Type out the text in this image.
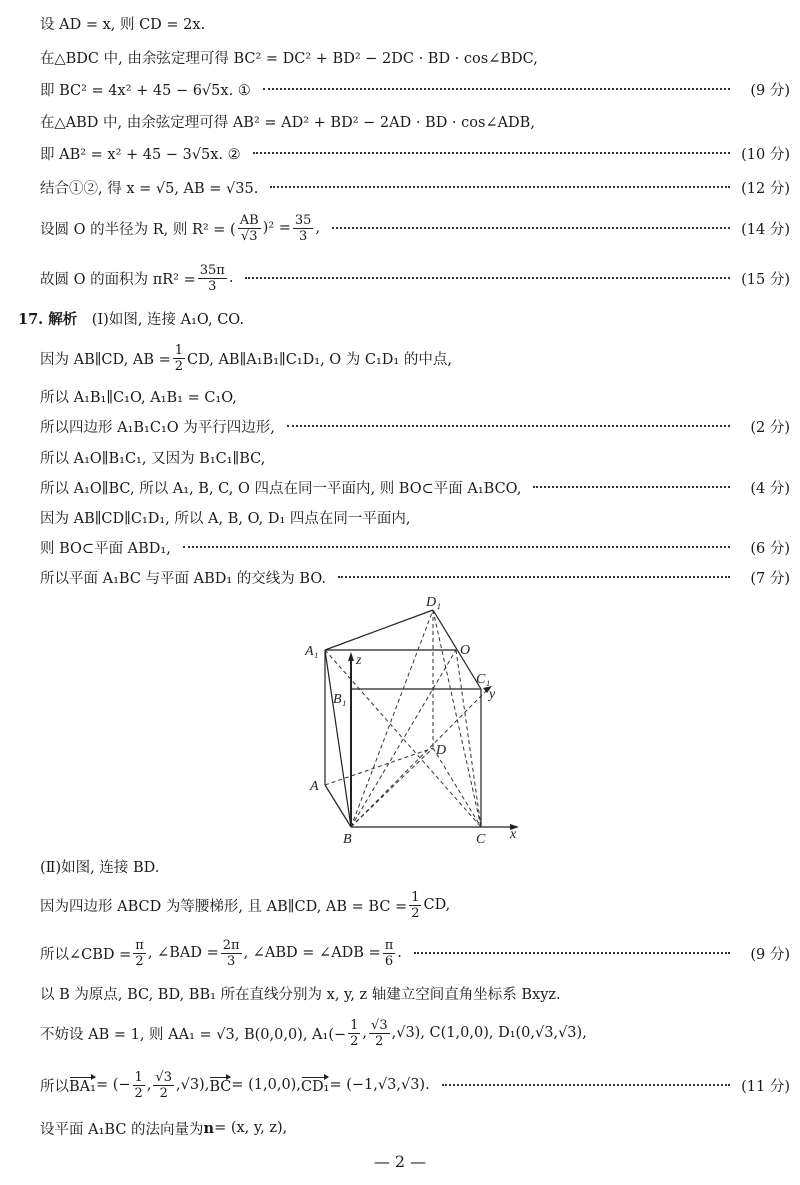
设 AD = x, 则 CD = 2x.
在△BDC 中, 由余弦定理可得 BC² = DC² + BD² − 2DC · BD · cos∠BDC,
即 BC² = 4x² + 45 − 6√5x. ①	(9 分)
在△ABD 中, 由余弦定理可得 AB² = AD² + BD² − 2AD · BD · cos∠ADB,
即 AB² = x² + 45 − 3√5x. ②	(10 分)
结合①②, 得 x = √5, AB = √35.	(12 分)
设圆 O 的半径为 R, 则 R² = ( $\frac{AB}{√3} )^2 = \frac{35}{3}$ ,	(14 分)
故圆 O 的面积为 $\pi R^2 = \frac{35\pi}{3}$ .	(15 分)
17. 解析 　(Ⅰ)如图, 连接 A₁O, CO.
因为 AB∥CD, AB = $\frac{1}{2}$ CD, AB∥A₁B₁∥C₁D₁, O 为 C₁D₁ 的中点,
所以 A₁B₁∥C₁O, A₁B₁ = C₁O,
所以四边形 A₁B₁C₁O 为平行四边形,	(2 分)
所以 A₁O∥B₁C₁, 又因为 B₁C₁∥BC,
所以 A₁O∥BC, 所以 A₁, B, C, O 四点在同一平面内, 则 BO⊂平面 A₁BCO,	(4 分)
因为 AB∥CD∥C₁D₁, 所以 A, B, O, D₁ 四点在同一平面内,
则 BO⊂平面 ABD₁,	(6 分)
所以平面 A₁BC 与平面 ABD₁ 的交线为 BO.	(7 分)
(Ⅱ)如图, 连接 BD.
因为四边形 ABCD 为等腰梯形, 且 AB∥CD, AB = BC = $\frac{1}{2}$ CD,
所以∠CBD = $\frac{\pi}{2}$ , ∠BAD = $\frac{2\pi}{3}$ , ∠ABD = ∠ADB = $\frac{\pi}{6}$ .	(9 分)
以 B 为原点, BC, BD, BB₁ 所在直线分别为 x, y, z 轴建立空间直角坐标系 Bxyz.
不妨设 AB = 1, 则 AA₁ = √3, B(0,0,0), $A_1(- \frac{1}{2}$ , $\frac{√3}{2} ,√3$), C(1,0,0), D₁(0,√3,√3),
所以 BA₁ = (− $\frac{1}{2}$ , $\frac{√3}{2} ,√3$), BC = (1,0,0), CD₁ = (−1,√3,√3).	(11 分)
设平面 A₁BC 的法向量为 n = (x, y, z),
D₁
A₁	O
z
C₁
y
B₁
D
A
B	C x
— 2 —
